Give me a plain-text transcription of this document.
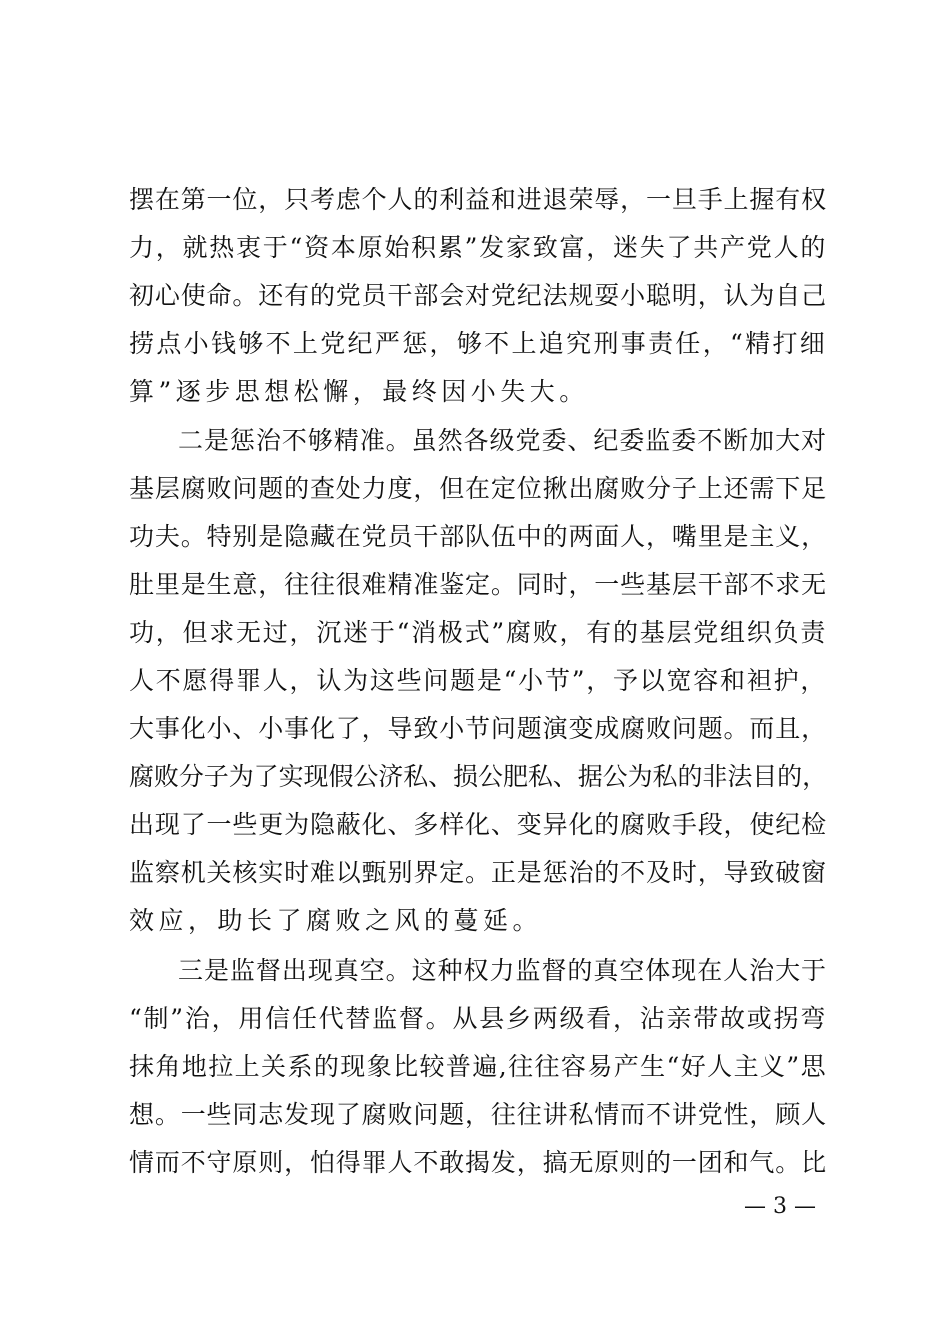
摆在第一位，只考虑个人的利益和进退荣辱，一旦手上握有权
力，就热衷于“资本原始积累”发家致富，迷失了共产党人的
初心使命。还有的党员干部会对党纪法规耍小聪明，认为自己
捞点小钱够不上党纪严惩，够不上追究刑事责任，“精打细
算”逐步思想松懈，最终因小失大。
二是惩治不够精准。虽然各级党委、纪委监委不断加大对
基层腐败问题的查处力度，但在定位揪出腐败分子上还需下足
功夫。特别是隐藏在党员干部队伍中的两面人，嘴里是主义，
肚里是生意，往往很难精准鉴定。同时，一些基层干部不求无
功，但求无过，沉迷于“消极式”腐败，有的基层党组织负责
人不愿得罪人，认为这些问题是“小节”，予以宽容和袒护，
大事化小、小事化了，导致小节问题演变成腐败问题。而且，
腐败分子为了实现假公济私、损公肥私、据公为私的非法目的，
出现了一些更为隐蔽化、多样化、变异化的腐败手段，使纪检
监察机关核实时难以甄别界定。正是惩治的不及时，导致破窗
效应，助长了腐败之风的蔓延。
三是监督出现真空。这种权力监督的真空体现在人治大于
“制”治，用信任代替监督。从县乡两级看，沾亲带故或拐弯
抹角地拉上关系的现象比较普遍,往往容易产生“好人主义”思
想。一些同志发现了腐败问题，往往讲私情而不讲党性，顾人
情而不守原则，怕得罪人不敢揭发，搞无原则的一团和气。比
— 3 —
